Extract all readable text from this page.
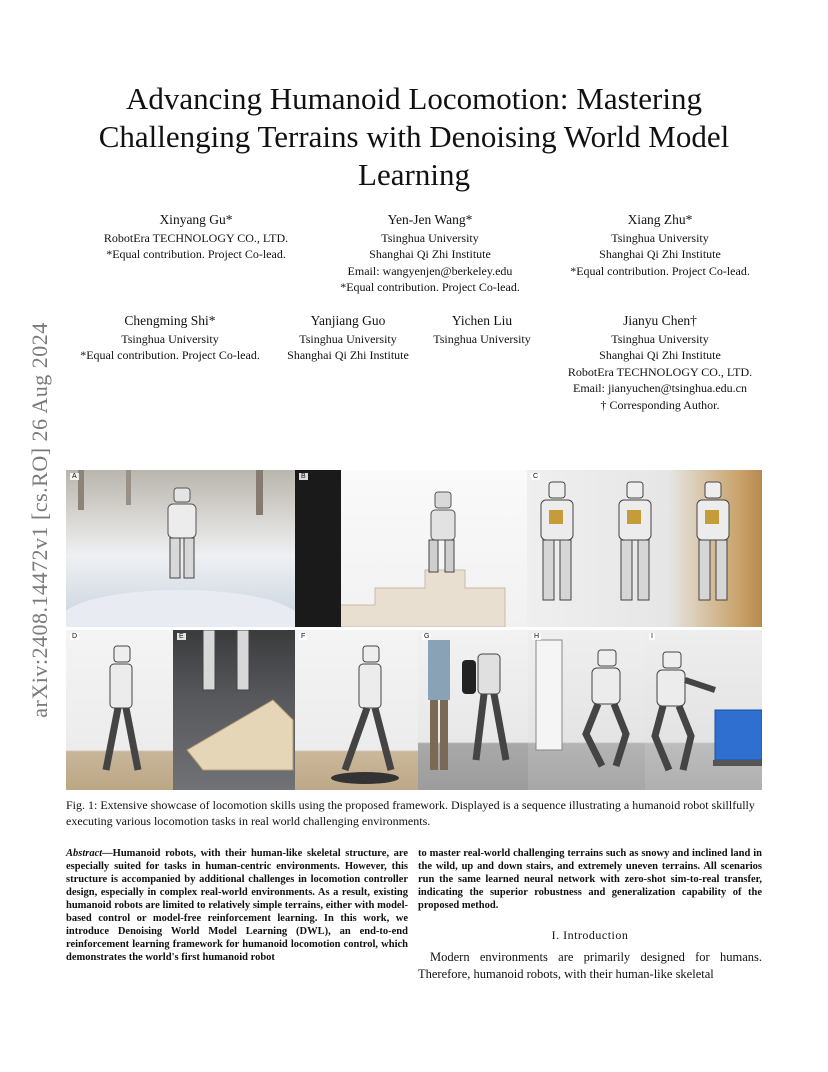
arXiv:2408.14472v1 [cs.RO] 26 Aug 2024
Advancing Humanoid Locomotion: Mastering Challenging Terrains with Denoising World Model Learning
Xinyang Gu*
RobotEra TECHNOLOGY CO., LTD.
*Equal contribution. Project Co-lead.
Yen-Jen Wang*
Tsinghua University
Shanghai Qi Zhi Institute
Email: wangyenjen@berkeley.edu
*Equal contribution. Project Co-lead.
Xiang Zhu*
Tsinghua University
Shanghai Qi Zhi Institute
*Equal contribution. Project Co-lead.
Chengming Shi*
Tsinghua University
*Equal contribution. Project Co-lead.
Yanjiang Guo
Tsinghua University
Shanghai Qi Zhi Institute
Yichen Liu
Tsinghua University
Jianyu Chen†
Tsinghua University
Shanghai Qi Zhi Institute
RobotEra TECHNOLOGY CO., LTD.
Email: jianyuchen@tsinghua.edu.cn
† Corresponding Author.
A	B	C
D	E	F	G	H	I
Fig. 1: Extensive showcase of locomotion skills using the proposed framework. Displayed is a sequence illustrating a humanoid robot skillfully executing various locomotion tasks in real world challenging environments.
Abstract—Humanoid robots, with their human-like skeletal structure, are especially suited for tasks in human-centric environments. However, this structure is accompanied by additional challenges in locomotion controller design, especially in complex real-world environments. As a result, existing humanoid robots are limited to relatively simple terrains, either with model-based control or model-free reinforcement learning. In this work, we introduce Denoising World Model Learning (DWL), an end-to-end reinforcement learning framework for humanoid locomotion control, which demonstrates the world's first humanoid robot
to master real-world challenging terrains such as snowy and inclined land in the wild, up and down stairs, and extremely uneven terrains. All scenarios run the same learned neural network with zero-shot sim-to-real transfer, indicating the superior robustness and generalization capability of the proposed method.
I. Introduction
Modern environments are primarily designed for humans. Therefore, humanoid robots, with their human-like skeletal
